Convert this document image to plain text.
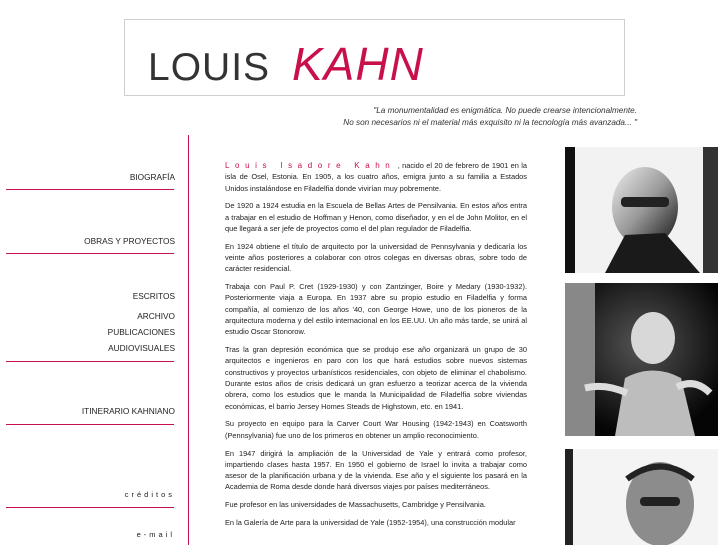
LOUIS KAHN
"La monumentalidad es enigmática. No puede crearse intencionalmente.
No son necesarios ni el material más exquisito ni la tecnología más avanzada... "
BIOGRAFÍA
OBRAS Y PROYECTOS
ESCRITOS
ARCHIVO
PUBLICACIONES
AUDIOVISUALES
ITINERARIO KAHNIANO
créditos
e-mail

Louis Isadore Kahn , nacido el 20 de febrero de 1901 en la isla de Osel, Estonia. En 1905, a los cuatro años, emigra junto a su familia a Estados Unidos instalándose en Filadelfia donde vivirían muy pobremente.

De 1920 a 1924 estudia en la Escuela de Bellas Artes de Pensilvania. En estos años entra a trabajar en el estudio de Hoffman y Henon, como diseñador, y en el de John Molitor, en el que llegará a ser jefe de proyectos como el del plan regulador de Filadelfia.

En 1924 obtiene el título de arquitecto por la universidad de Pennsylvania y dedicaría los veinte años posteriores a colaborar con otros colegas en diversas obras, sobre todo de carácter residencial.

Trabaja con Paul P. Cret (1929-1930) y con Zantzinger, Boire y Medary (1930-1932). Posteriormente viaja a Europa. En 1937 abre su propio estudio en Filadelfia y forma compañía, al comienzo de los años '40, con George Howe, uno de los pioneros de la arquitectura moderna y del estilo internacional en los EE.UU. Un año más tarde, se unirá al estudio Oscar Stonorow.

Tras la gran depresión económica que se produjo ese año organizará un grupo de 30 arquitectos e ingenieros en paro con los que hará estudios sobre nuevos sistemas constructivos y proyectos urbanísticos residenciales, con objeto de eliminar el chabolismo. Durante estos años de crisis dedicará un gran esfuerzo a teorizar acerca de la vivienda obrera, como los estudios que le manda la Municipalidad de Filadelfia sobre viviendas económicas, el barrio Jersey Homes Steads de Highstown, etc. en 1941.

Su proyecto en equipo para la Carver Court War Housing (1942-1943) en Coatsworth (Pennsylvania) fue uno de los primeros en obtener un amplio reconocimiento.

En 1947 dirigirá la ampliación de la Universidad de Yale y entrará como profesor, impartiendo clases hasta 1957. En 1950 el gobierno de Israel lo invita a trabajar como asesor de la planificación urbana y de la vivienda. Ese año y el siguiente los pasará en la Academia de Roma desde donde hará diversos viajes por países mediterráneos.

Fue profesor en las universidades de Massachusetts, Cambridge y Pensilvania.

En la Galería de Arte para la universidad de Yale (1952-1954), una construcción modular
